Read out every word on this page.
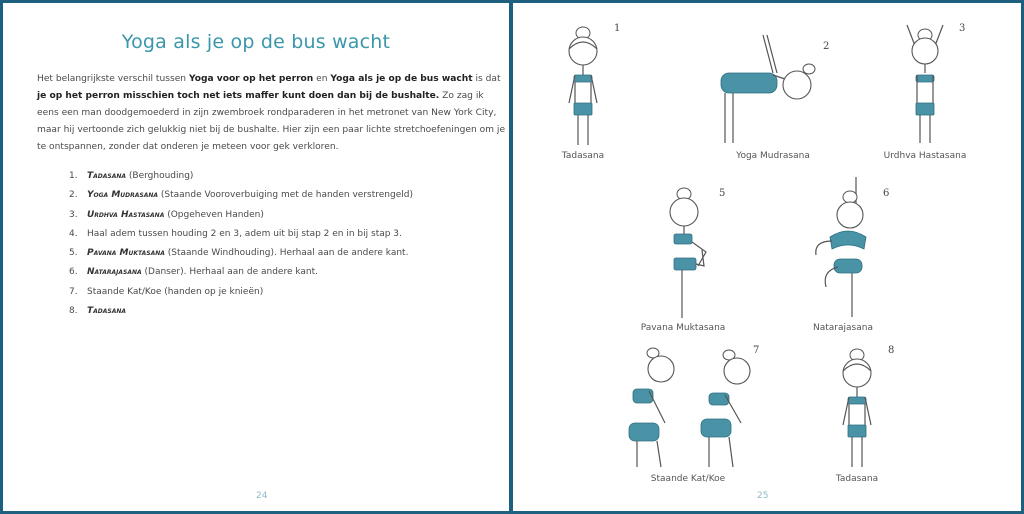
Yoga als je op de bus wacht
Het belangrijkste verschil tussen Yoga voor op het perron en Yoga als je op de bus wacht is dat je op het perron misschien toch net iets maffer kunt doen dan bij de bushalte. Zo zag ik eens een man doodgemoederd in zijn zwembroek rondparaderen in het metronet van New York City, maar hij vertoonde zich gelukkig niet bij de bushalte. Hier zijn een paar lichte stretchoefeningen om je te ontspannen, zonder dat onderen je meteen voor gek verkloren.
1. Tadasana (Berghouding)
2. Yoga Mudrasana (Staande Vooroverbuiging met de handen verstrengeld)
3. Urdhva Hastasana (Opgeheven Handen)
4. Haal adem tussen houding 2 en 3, adem uit bij stap 2 en in bij stap 3.
5. Pavana Muktasana (Staande Windhouding). Herhaal aan de andere kant.
6. Natarajasana (Danser). Herhaal aan de andere kant.
7. Staande Kat/Koe (handen op je knieën)
8. Tadasana
24
1
Tadasana
2
Yoga Mudrasana
3
Urdhva Hastasana
5
Pavana Muktasana
6
Natarajasana
7
Staande Kat/Koe
8
Tadasana
25
